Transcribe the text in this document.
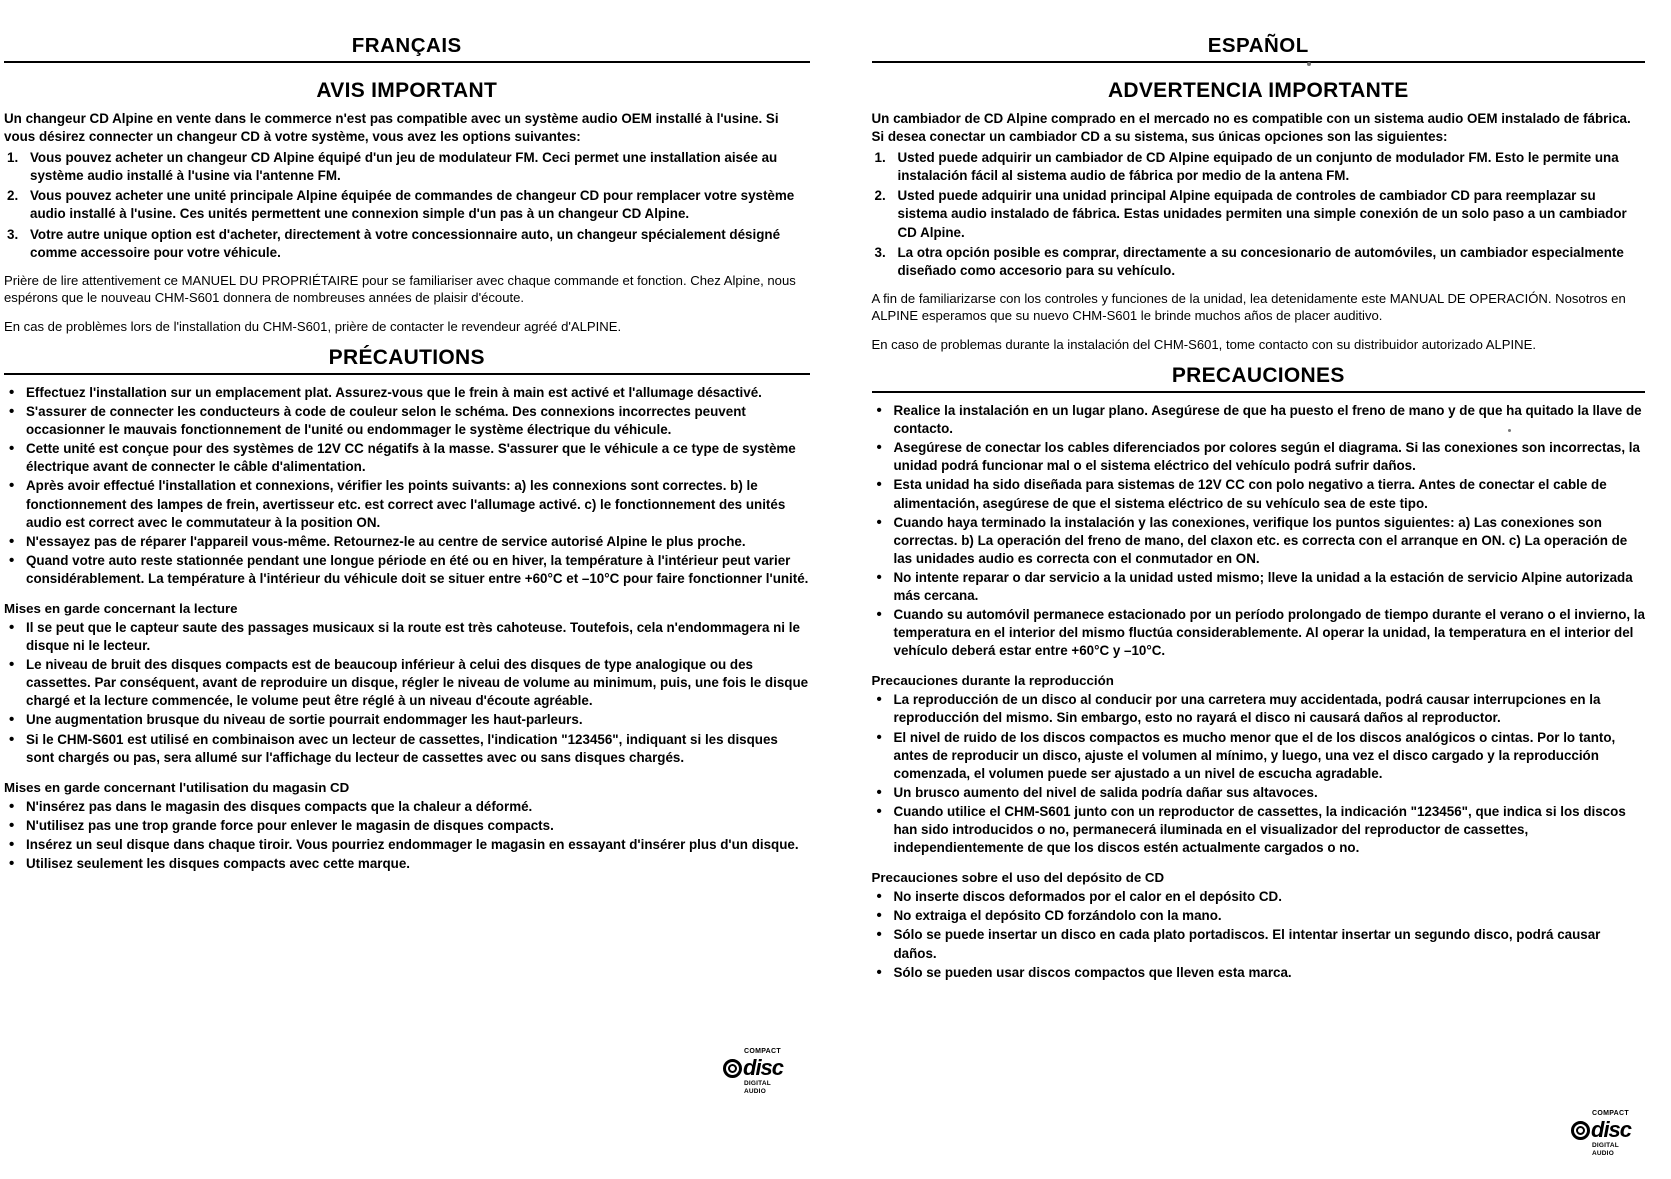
FRANÇAIS
AVIS IMPORTANT

Un changeur CD Alpine en vente dans le commerce n'est pas compatible avec un système audio OEM installé à l'usine. Si vous désirez connecter un changeur CD à votre système, vous avez les options suivantes:

1. Vous pouvez acheter un changeur CD Alpine équipé d'un jeu de modulateur FM. Ceci permet une installation aisée au système audio installé à l'usine via l'antenne FM.
2. Vous pouvez acheter une unité principale Alpine équipée de commandes de changeur CD pour remplacer votre système audio installé à l'usine. Ces unités permettent une connexion simple d'un pas à un changeur CD Alpine.
3. Votre autre unique option est d'acheter, directement à votre concessionnaire auto, un changeur spécialement désigné comme accessoire pour votre véhicule.

Prière de lire attentivement ce MANUEL DU PROPRIÉTAIRE pour se familiariser avec chaque commande et fonction. Chez Alpine, nous espérons que le nouveau CHM-S601 donnera de nombreuses années de plaisir d'écoute.

En cas de problèmes lors de l'installation du CHM-S601, prière de contacter le revendeur agréé d'ALPINE.

PRÉCAUTIONS
• Effectuez l'installation sur un emplacement plat. Assurez-vous que le frein à main est activé et l'allumage désactivé.
• S'assurer de connecter les conducteurs à code de couleur selon le schéma. Des connexions incorrectes peuvent occasionner le mauvais fonctionnement de l'unité ou endommager le système électrique du véhicule.
• Cette unité est conçue pour des systèmes de 12V CC négatifs à la masse. S'assurer que le véhicule a ce type de système électrique avant de connecter le câble d'alimentation.
• Après avoir effectué l'installation et connexions, vérifier les points suivants: a) les connexions sont correctes. b) le fonctionnement des lampes de frein, avertisseur etc. est correct avec l'allumage activé. c) le fonctionnement des unités audio est correct avec le commutateur à la position ON.
• N'essayez pas de réparer l'appareil vous-même. Retournez-le au centre de service autorisé Alpine le plus proche.
• Quand votre auto reste stationnée pendant une longue période en été ou en hiver, la température à l'intérieur peut varier considérablement. La température à l'intérieur du véhicule doit se situer entre +60°C et –10°C pour faire fonctionner l'unité.
Mises en garde concernant la lecture
• Il se peut que le capteur saute des passages musicaux si la route est très cahoteuse. Toutefois, cela n'endommagera ni le disque ni le lecteur.
• Le niveau de bruit des disques compacts est de beaucoup inférieur à celui des disques de type analogique ou des cassettes. Par conséquent, avant de reproduire un disque, régler le niveau de volume au minimum, puis, une fois le disque chargé et la lecture commencée, le volume peut être réglé à un niveau d'écoute agréable.
• Une augmentation brusque du niveau de sortie pourrait endommager les haut-parleurs.
• Si le CHM-S601 est utilisé en combinaison avec un lecteur de cassettes, l'indication "123456", indiquant si les disques sont chargés ou pas, sera allumé sur l'affichage du lecteur de cassettes avec ou sans disques chargés.
Mises en garde concernant l'utilisation du magasin CD
• N'insérez pas dans le magasin des disques compacts que la chaleur a déformé.
• N'utilisez pas une trop grande force pour enlever le magasin de disques compacts.
• Insérez un seul disque dans chaque tiroir. Vous pourriez endommager le magasin en essayant d'insérer plus d'un disque.
• Utilisez seulement les disques compacts avec cette marque.
ESPAÑOL
ADVERTENCIA IMPORTANTE

Un cambiador de CD Alpine comprado en el mercado no es compatible con un sistema audio OEM instalado de fábrica. Si desea conectar un cambiador CD a su sistema, sus únicas opciones son las siguientes:

1. Usted puede adquirir un cambiador de CD Alpine equipado de un conjunto de modulador FM. Esto le permite una instalación fácil al sistema audio de fábrica por medio de la antena FM.
2. Usted puede adquirir una unidad principal Alpine equipada de controles de cambiador CD para reemplazar su sistema audio instalado de fábrica. Estas unidades permiten una simple conexión de un solo paso a un cambiador CD Alpine.
3. La otra opción posible es comprar, directamente a su concesionario de automóviles, un cambiador especialmente diseñado como accesorio para su vehículo.

A fin de familiarizarse con los controles y funciones de la unidad, lea detenidamente este MANUAL DE OPERACIÓN. Nosotros en ALPINE esperamos que su nuevo CHM-S601 le brinde muchos años de placer auditivo.

En caso de problemas durante la instalación del CHM-S601, tome contacto con su distribuidor autorizado ALPINE.

PRECAUCIONES
• Realice la instalación en un lugar plano. Asegúrese de que ha puesto el freno de mano y de que ha quitado la llave de contacto.
• Asegúrese de conectar los cables diferenciados por colores según el diagrama. Si las conexiones son incorrectas, la unidad podrá funcionar mal o el sistema eléctrico del vehículo podrá sufrir daños.
• Esta unidad ha sido diseñada para sistemas de 12V CC con polo negativo a tierra. Antes de conectar el cable de alimentación, asegúrese de que el sistema eléctrico de su vehículo sea de este tipo.
• Cuando haya terminado la instalación y las conexiones, verifique los puntos siguientes: a) Las conexiones son correctas. b) La operación del freno de mano, del claxon etc. es correcta con el arranque en ON. c) La operación de las unidades audio es correcta con el conmutador en ON.
• No intente reparar o dar servicio a la unidad usted mismo; lleve la unidad a la estación de servicio Alpine autorizada más cercana.
• Cuando su automóvil permanece estacionado por un período prolongado de tiempo durante el verano o el invierno, la temperatura en el interior del mismo fluctúa considerablemente. Al operar la unidad, la temperatura en el interior del vehículo deberá estar entre +60°C y –10°C.
Precauciones durante la reproducción
• La reproducción de un disco al conducir por una carretera muy accidentada, podrá causar interrupciones en la reproducción del mismo. Sin embargo, esto no rayará el disco ni causará daños al reproductor.
• El nivel de ruido de los discos compactos es mucho menor que el de los discos analógicos o cintas. Por lo tanto, antes de reproducir un disco, ajuste el volumen al mínimo, y luego, una vez el disco cargado y la reproducción comenzada, el volumen puede ser ajustado a un nivel de escucha agradable.
• Un brusco aumento del nivel de salida podría dañar sus altavoces.
• Cuando utilice el CHM-S601 junto con un reproductor de cassettes, la indicación "123456", que indica si los discos han sido introducidos o no, permanecerá iluminada en el visualizador del reproductor de cassettes, independientemente de que los discos estén actualmente cargados o no.
Precauciones sobre el uso del depósito de CD
• No inserte discos deformados por el calor en el depósito CD.
• No extraiga el depósito CD forzándolo con la mano.
• Sólo se puede insertar un disco en cada plato portadiscos. El intentar insertar un segundo disco, podrá causar daños.
• Sólo se pueden usar discos compactos que lleven esta marca.
COMPACT
disc
DIGITAL AUDIO
COMPACT
disc
DIGITAL AUDIO
